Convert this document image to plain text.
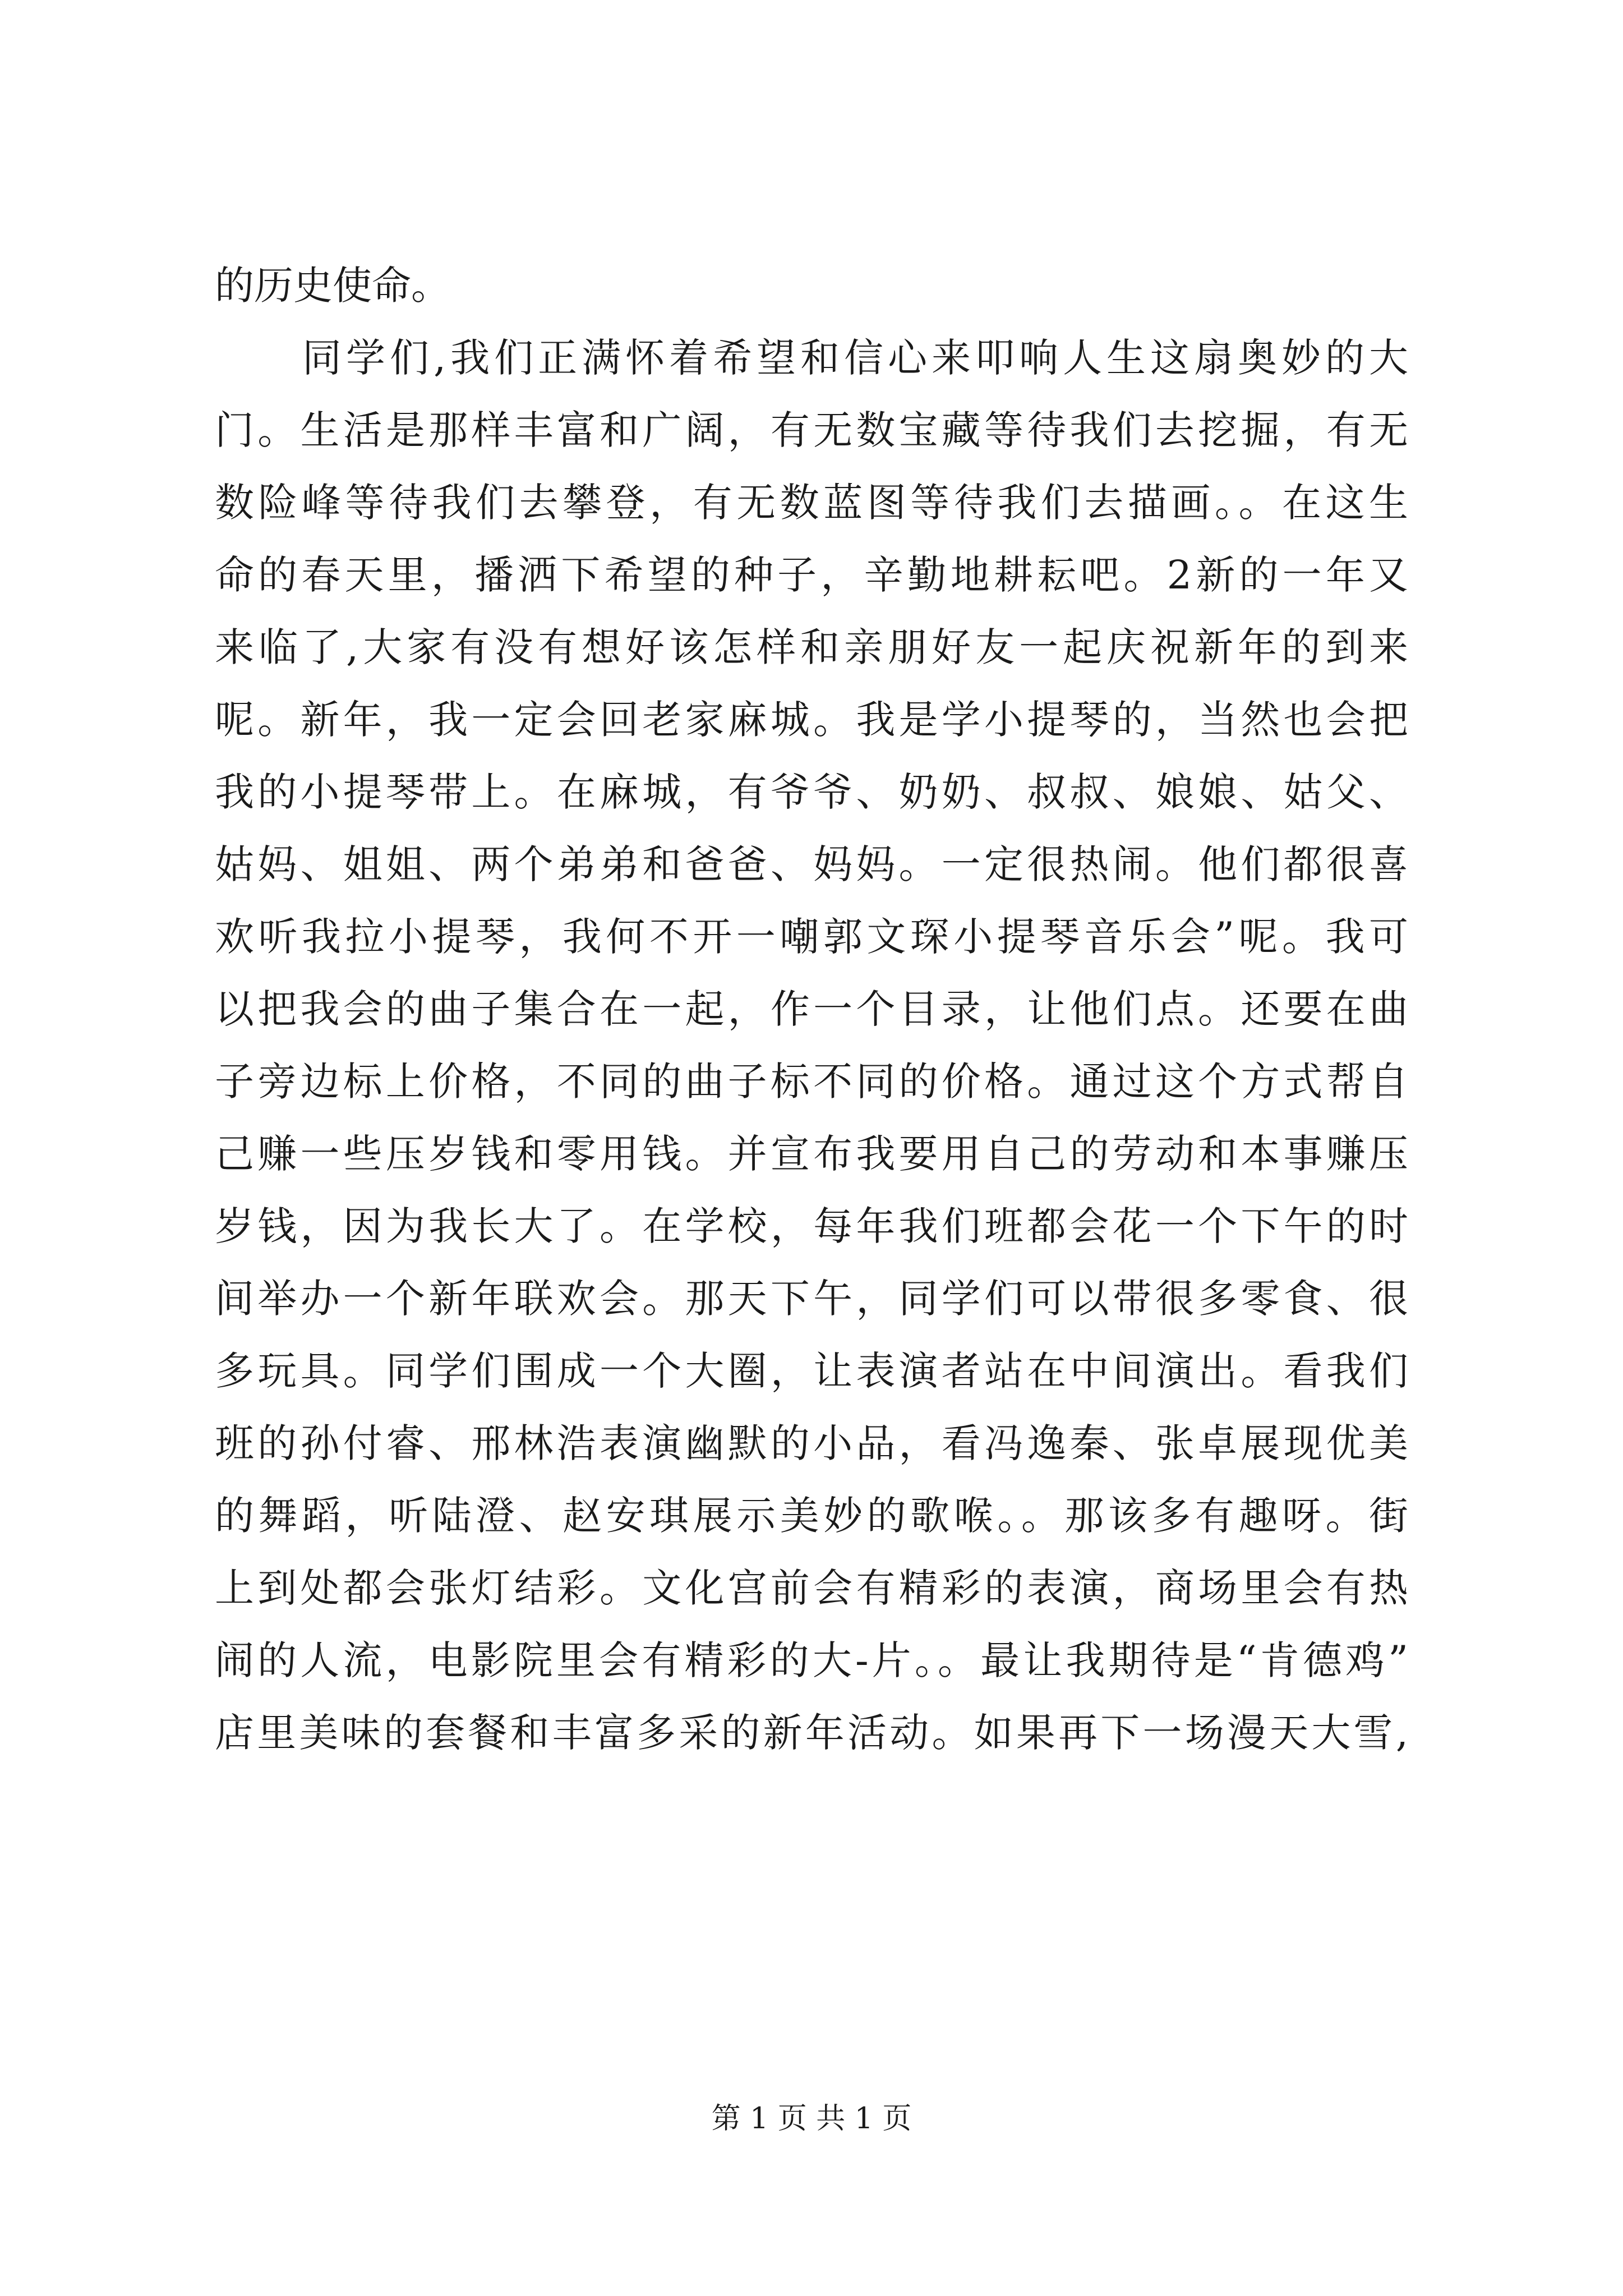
的历史使命。
　　同学们,我们正满怀着希望和信心来叩响人生这扇奥妙的大
门。生活是那样丰富和广阔，有无数宝藏等待我们去挖掘，有无
数险峰等待我们去攀登，有无数蓝图等待我们去描画。。在这生
命的春天里，播洒下希望的种子，辛勤地耕耘吧。2新的一年又
来临了,大家有没有想好该怎样和亲朋好友一起庆祝新年的到来
呢。新年，我一定会回老家麻城。我是学小提琴的，当然也会把
我的小提琴带上。在麻城，有爷爷、奶奶、叔叔、娘娘、姑父、
姑妈、姐姐、两个弟弟和爸爸、妈妈。一定很热闹。他们都很喜
欢听我拉小提琴，我何不开一嘲郭文琛小提琴音乐会”呢。我可
以把我会的曲子集合在一起，作一个目录，让他们点。还要在曲
子旁边标上价格，不同的曲子标不同的价格。通过这个方式帮自
己赚一些压岁钱和零用钱。并宣布我要用自己的劳动和本事赚压
岁钱，因为我长大了。在学校，每年我们班都会花一个下午的时
间举办一个新年联欢会。那天下午，同学们可以带很多零食、很
多玩具。同学们围成一个大圈，让表演者站在中间演出。看我们
班的孙付睿、邢林浩表演幽默的小品，看冯逸秦、张卓展现优美
的舞蹈，听陆澄、赵安琪展示美妙的歌喉。。那该多有趣呀。街
上到处都会张灯结彩。文化宫前会有精彩的表演，商场里会有热
闹的人流，电影院里会有精彩的大-片。。最让我期待是“肯德鸡”
店里美味的套餐和丰富多采的新年活动。如果再下一场漫天大雪,
第 1 页 共 1 页
